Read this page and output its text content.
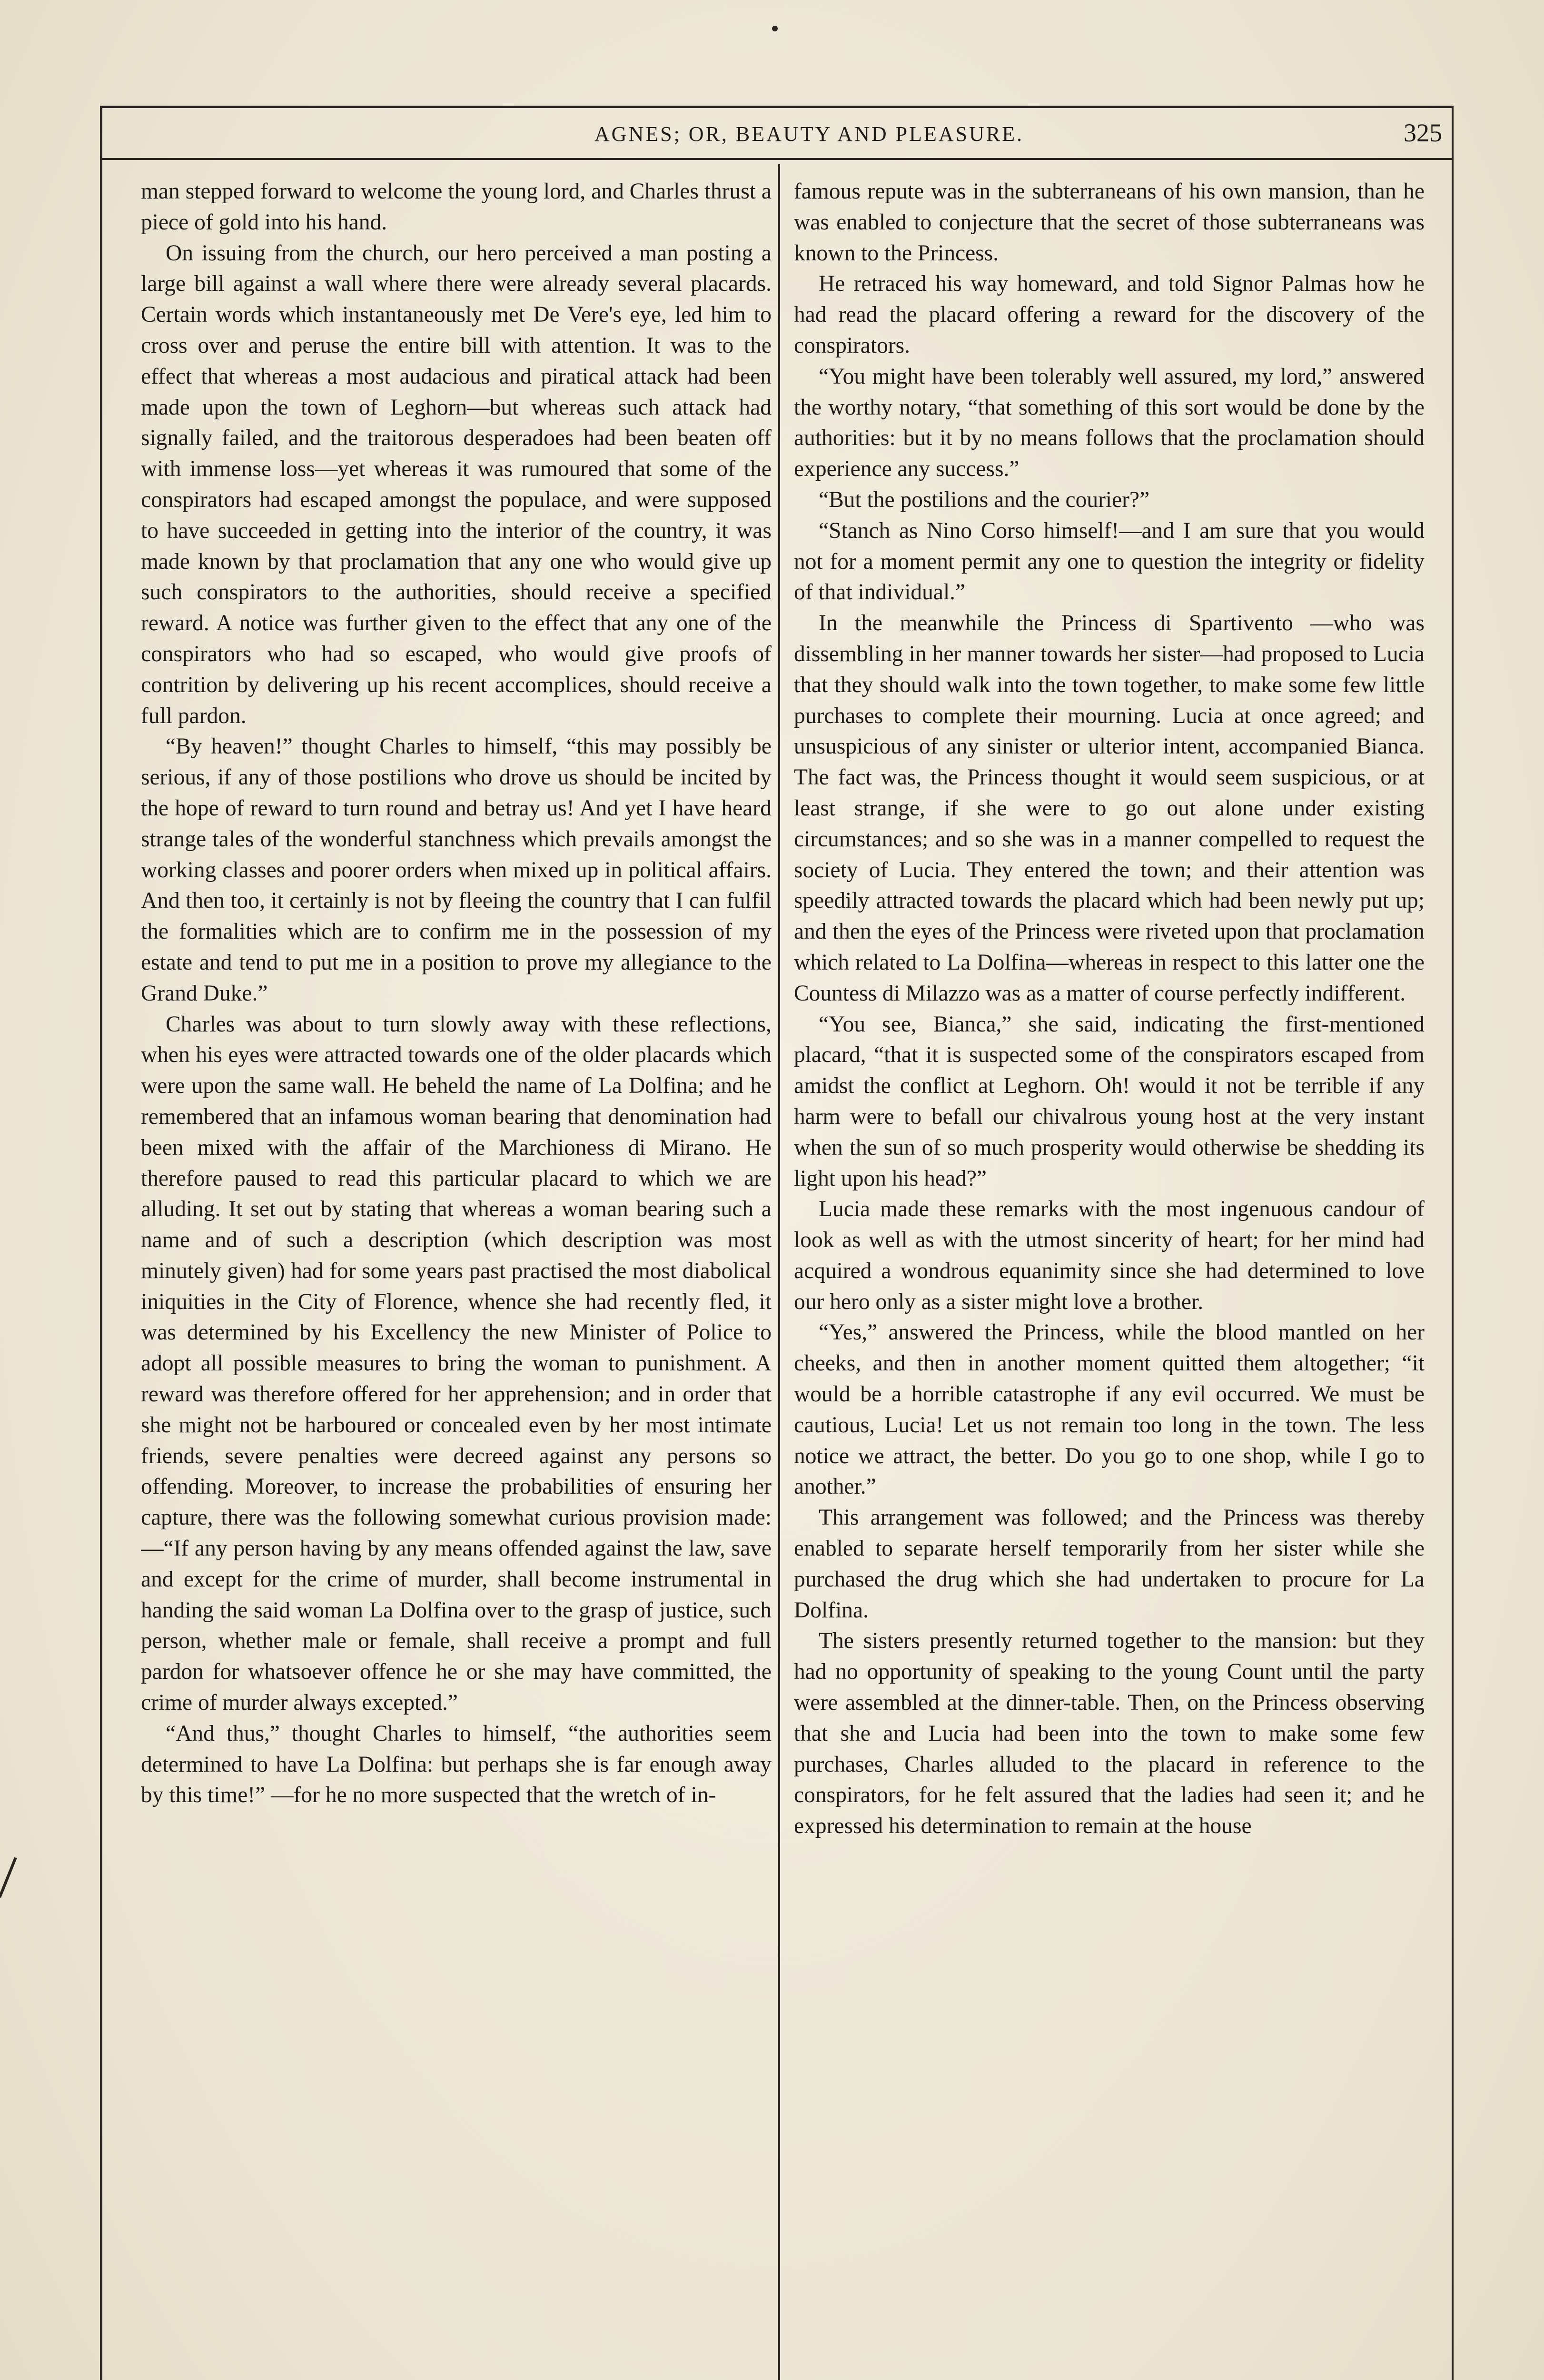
AGNES; OR, BEAUTY AND PLEASURE.	325

man stepped forward to welcome the young lord, and Charles thrust a piece of gold into his hand.

On issuing from the church, our hero perceived a man posting a large bill against a wall where there were already several placards. Certain words which instantaneously met De Vere's eye, led him to cross over and peruse the entire bill with attention. It was to the effect that whereas a most audacious and piratical attack had been made upon the town of Leghorn—but whereas such attack had signally failed, and the traitorous desperadoes had been beaten off with immense loss—yet whereas it was rumoured that some of the conspirators had escaped amongst the populace, and were supposed to have succeeded in getting into the interior of the country, it was made known by that proclamation that any one who would give up such conspirators to the authorities, should receive a specified reward. A notice was further given to the effect that any one of the conspirators who had so escaped, who would give proofs of contrition by delivering up his recent accomplices, should receive a full pardon.

“By heaven!” thought Charles to himself, “this may possibly be serious, if any of those postilions who drove us should be incited by the hope of reward to turn round and betray us! And yet I have heard strange tales of the wonderful stanchness which prevails amongst the working classes and poorer orders when mixed up in political affairs. And then too, it certainly is not by fleeing the country that I can fulfil the formalities which are to confirm me in the possession of my estate and tend to put me in a position to prove my allegiance to the Grand Duke.”

Charles was about to turn slowly away with these reflections, when his eyes were attracted towards one of the older placards which were upon the same wall. He beheld the name of La Dolfina; and he remembered that an infamous woman bearing that denomination had been mixed with the affair of the Marchioness di Mirano. He therefore paused to read this particular placard to which we are alluding. It set out by stating that whereas a woman bearing such a name and of such a description (which description was most minutely given) had for some years past practised the most diabolical iniquities in the City of Florence, whence she had recently fled, it was determined by his Excellency the new Minister of Police to adopt all possible measures to bring the woman to punishment. A reward was therefore offered for her apprehension; and in order that she might not be harboured or concealed even by her most intimate friends, severe penalties were decreed against any persons so offending. Moreover, to increase the probabilities of ensuring her capture, there was the following somewhat curious provision made:—“If any person having by any means offended against the law, save and except for the crime of murder, shall become instrumental in handing the said woman La Dolfina over to the grasp of justice, such person, whether male or female, shall receive a prompt and full pardon for whatsoever offence he or she may have committed, the crime of murder always excepted.”

“And thus,” thought Charles to himself, “the authorities seem determined to have La Dolfina: but perhaps she is far enough away by this time!” —for he no more suspected that the wretch of in-

famous repute was in the subterraneans of his own mansion, than he was enabled to conjecture that the secret of those subterraneans was known to the Princess.

He retraced his way homeward, and told Signor Palmas how he had read the placard offering a reward for the discovery of the conspirators.

“You might have been tolerably well assured, my lord,” answered the worthy notary, “that something of this sort would be done by the authorities: but it by no means follows that the proclamation should experience any success.”

“But the postilions and the courier?”

“Stanch as Nino Corso himself!—and I am sure that you would not for a moment permit any one to question the integrity or fidelity of that individual.”

In the meanwhile the Princess di Spartivento —who was dissembling in her manner towards her sister—had proposed to Lucia that they should walk into the town together, to make some few little purchases to complete their mourning. Lucia at once agreed; and unsuspicious of any sinister or ulterior intent, accompanied Bianca. The fact was, the Princess thought it would seem suspicious, or at least strange, if she were to go out alone under existing circumstances; and so she was in a manner compelled to request the society of Lucia. They entered the town; and their attention was speedily attracted towards the placard which had been newly put up; and then the eyes of the Princess were riveted upon that proclamation which related to La Dolfina—whereas in respect to this latter one the Countess di Milazzo was as a matter of course perfectly indifferent.

“You see, Bianca,” she said, indicating the first-mentioned placard, “that it is suspected some of the conspirators escaped from amidst the conflict at Leghorn. Oh! would it not be terrible if any harm were to befall our chivalrous young host at the very instant when the sun of so much prosperity would otherwise be shedding its light upon his head?”

Lucia made these remarks with the most ingenuous candour of look as well as with the utmost sincerity of heart; for her mind had acquired a wondrous equanimity since she had determined to love our hero only as a sister might love a brother.

“Yes,” answered the Princess, while the blood mantled on her cheeks, and then in another moment quitted them altogether; “it would be a horrible catastrophe if any evil occurred. We must be cautious, Lucia! Let us not remain too long in the town. The less notice we attract, the better. Do you go to one shop, while I go to another.”

This arrangement was followed; and the Princess was thereby enabled to separate herself temporarily from her sister while she purchased the drug which she had undertaken to procure for La Dolfina.

The sisters presently returned together to the mansion: but they had no opportunity of speaking to the young Count until the party were assembled at the dinner-table. Then, on the Princess observing that she and Lucia had been into the town to make some few purchases, Charles alluded to the placard in reference to the conspirators, for he felt assured that the ladies had seen it; and he expressed his determination to remain at the house
